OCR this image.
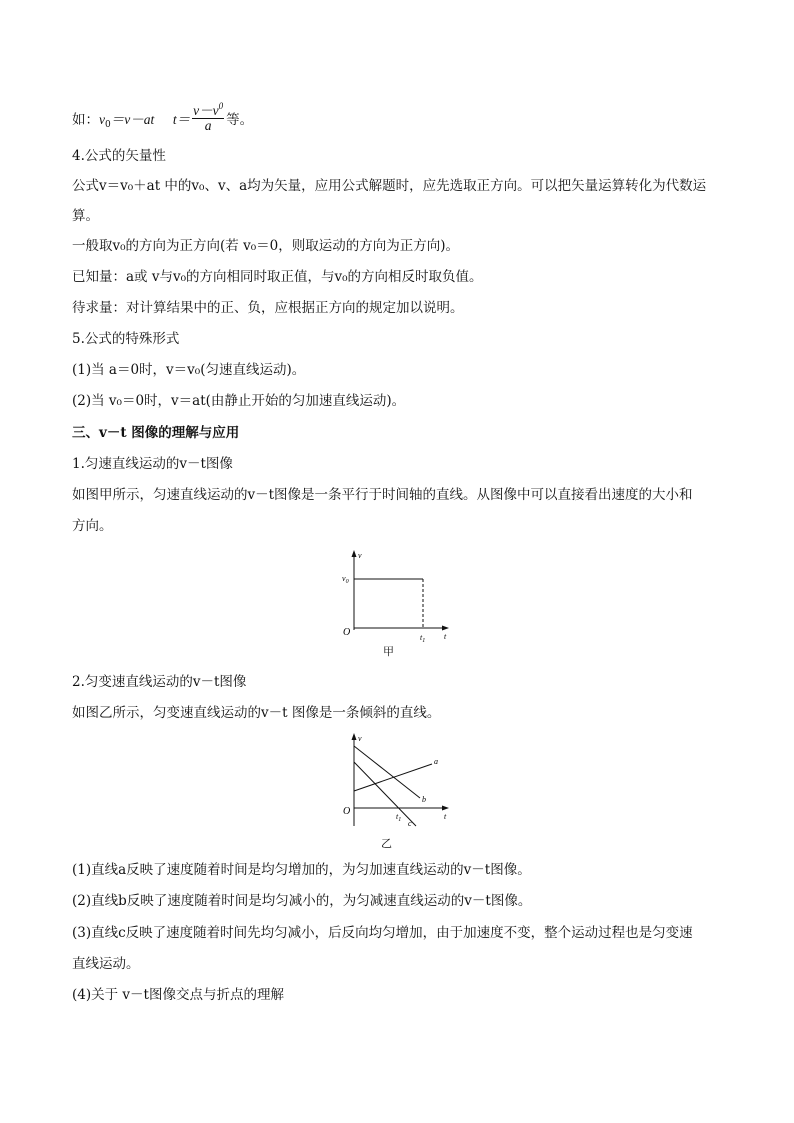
如：$v_0=v-at$ $t= \frac{v-v^0}{a}$ 等。
4.公式的矢量性
公式v＝v₀＋at 中的v₀、v、a均为矢量，应用公式解题时，应先选取正方向。可以把矢量运算转化为代数运
算。
一般取v₀的方向为正方向(若 v₀＝0，则取运动的方向为正方向)。
已知量：a或 v与v₀的方向相同时取正值，与v₀的方向相反时取负值。
待求量：对计算结果中的正、负，应根据正方向的规定加以说明。
5.公式的特殊形式
(1)当 a＝0时，v＝v₀(匀速直线运动)。
(2)当 v₀＝0时，v＝at(由静止开始的匀加速直线运动)。
三、v－t 图像的理解与应用
1.匀速直线运动的v－t图像
如图甲所示，匀速直线运动的v－t图像是一条平行于时间轴的直线。从图像中可以直接看出速度的大小和
方向。
v
$v_0$
O	$t_1$ t
甲
2.匀变速直线运动的v－t图像
如图乙所示，匀变速直线运动的v－t 图像是一条倾斜的直线。
v
O	$t_1$	t
a
b
c
乙
(1)直线a反映了速度随着时间是均匀增加的，为匀加速直线运动的v－t图像。
(2)直线b反映了速度随着时间是均匀减小的，为匀减速直线运动的v－t图像。
(3)直线c反映了速度随着时间先均匀减小，后反向均匀增加，由于加速度不变，整个运动过程也是匀变速
直线运动。
(4)关于 v－t图像交点与折点的理解
